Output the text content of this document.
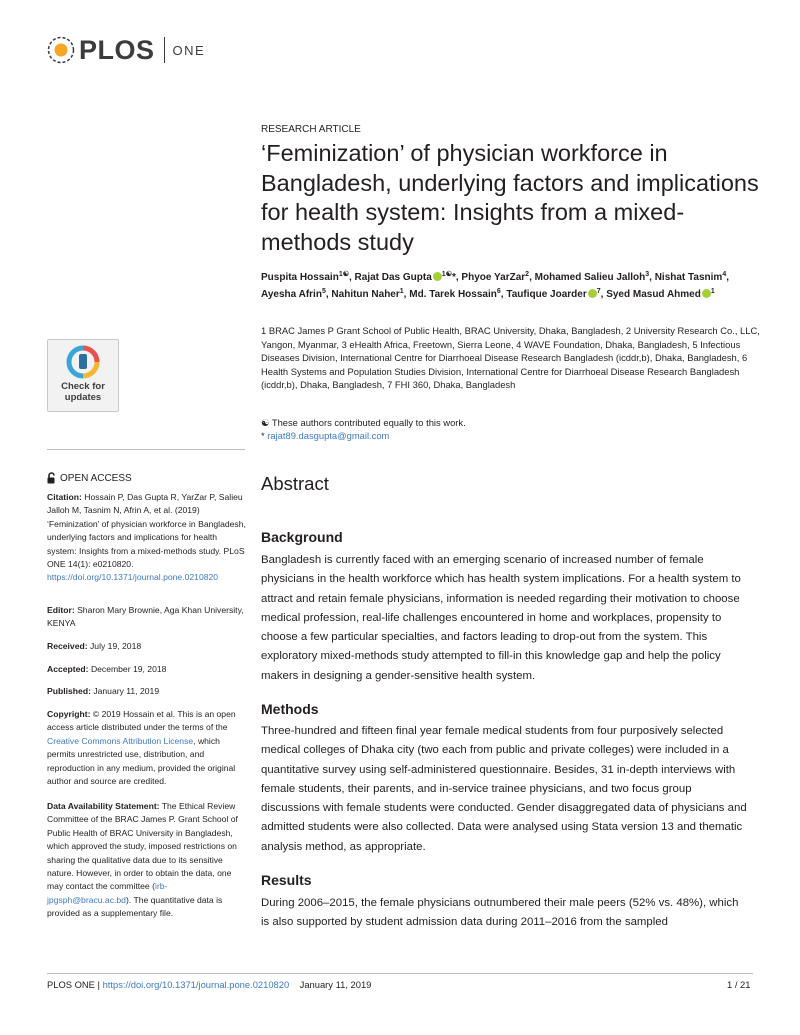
PLOS ONE
RESEARCH ARTICLE
‘Feminization’ of physician workforce in Bangladesh, underlying factors and implications for health system: Insights from a mixed-methods study
Puspita Hossain$^{1☯}$, Rajat Das Gupta $^{1☯}$*, Phyoe YarZar$^2$, Mohamed Salieu Jalloh$^3$, Nishat Tasnim$^4$, Ayesha Afrin$^5$, Nahitun Naher$^1$, Md. Tarek Hossain$^6$, Taufique Joarder $^7$, Syed Masud Ahmed $^1$
1 BRAC James P Grant School of Public Health, BRAC University, Dhaka, Bangladesh, 2 University Research Co., LLC, Yangon, Myanmar, 3 eHealth Africa, Freetown, Sierra Leone, 4 WAVE Foundation, Dhaka, Bangladesh, 5 Infectious Diseases Division, International Centre for Diarrhoeal Disease Research Bangladesh (icddr,b), Dhaka, Bangladesh, 6 Health Systems and Population Studies Division, International Centre for Diarrhoeal Disease Research Bangladesh (icddr,b), Dhaka, Bangladesh, 7 FHI 360, Dhaka, Bangladesh
☯ These authors contributed equally to this work.
* rajat89.dasgupta@gmail.com
Check for
updates
OPEN ACCESS
Citation: Hossain P, Das Gupta R, YarZar P, Salieu Jalloh M, Tasnim N, Afrin A, et al. (2019) ‘Feminization’ of physician workforce in Bangladesh, underlying factors and implications for health system: Insights from a mixed-methods study. PLoS ONE 14(1): e0210820. https://doi.org/10.1371/journal.pone.0210820
Editor: Sharon Mary Brownie, Aga Khan University, KENYA
Received: July 19, 2018
Accepted: December 19, 2018
Published: January 11, 2019
Copyright: © 2019 Hossain et al. This is an open access article distributed under the terms of the Creative Commons Attribution License, which permits unrestricted use, distribution, and reproduction in any medium, provided the original author and source are credited.
Data Availability Statement: The Ethical Review Committee of the BRAC James P. Grant School of Public Health of BRAC University in Bangladesh, which approved the study, imposed restrictions on sharing the qualitative data due to its sensitive nature. However, in order to obtain the data, one may contact the committee (irb-jpgsph@bracu.ac.bd). The quantitative data is provided as a supplementary file.
Abstract
Background

Bangladesh is currently faced with an emerging scenario of increased number of female physicians in the health workforce which has health system implications. For a health system to attract and retain female physicians, information is needed regarding their motivation to choose medical profession, real-life challenges encountered in home and workplaces, propensity to choose a few particular specialties, and factors leading to drop-out from the system. This exploratory mixed-methods study attempted to fill-in this knowledge gap and help the policy makers in designing a gender-sensitive health system.

Methods

Three-hundred and fifteen final year female medical students from four purposively selected medical colleges of Dhaka city (two each from public and private colleges) were included in a quantitative survey using self-administered questionnaire. Besides, 31 in-depth interviews with female students, their parents, and in-service trainee physicians, and two focus group discussions with female students were conducted. Gender disaggregated data of physicians and admitted students were also collected. Data were analysed using Stata version 13 and thematic analysis method, as appropriate.

Results

During 2006–2015, the female physicians outnumbered their male peers (52% vs. 48%), which is also supported by student admission data during 2011–2016 from the sampled

PLOS ONE | https://doi.org/10.1371/journal.pone.0210820 January 11, 2019	1 / 21
